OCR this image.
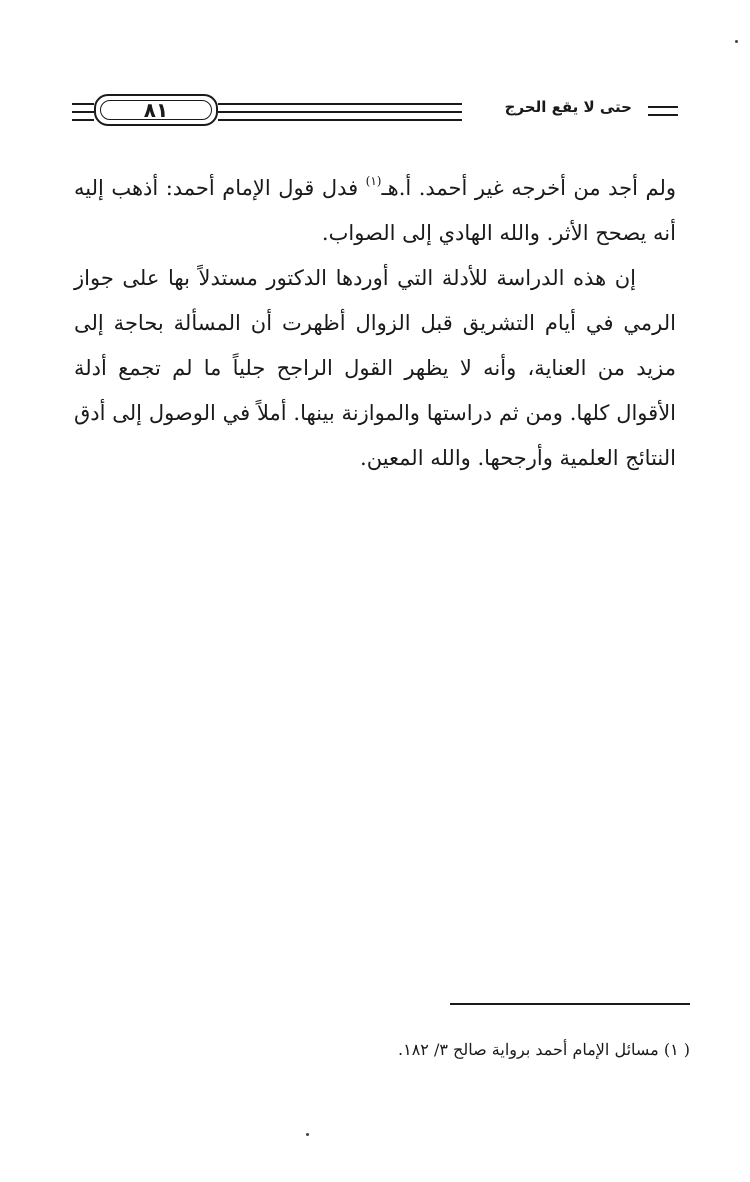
٨١	حتى لا يقع الحرج

ولم أجد من أخرجه غير أحمد. أ.هـ$^{(١)}$ فدل قول الإمام أحمد: أذهب إليه أنه يصحح الأثر. والله الهادي إلى الصواب.

إن هذه الدراسة للأدلة التي أوردها الدكتور مستدلاً بها على جواز الرمي في أيام التشريق قبل الزوال أظهرت أن المسألة بحاجة إلى مزيد من العناية، وأنه لا يظهر القول الراجح جلياً ما لم تجمع أدلة الأقوال كلها. ومن ثم دراستها والموازنة بينها. أملاً في الوصول إلى أدق النتائج العلمية وأرجحها. والله المعين.

( ١) مسائل الإمام أحمد برواية صالح ٣/ ١٨٢.
